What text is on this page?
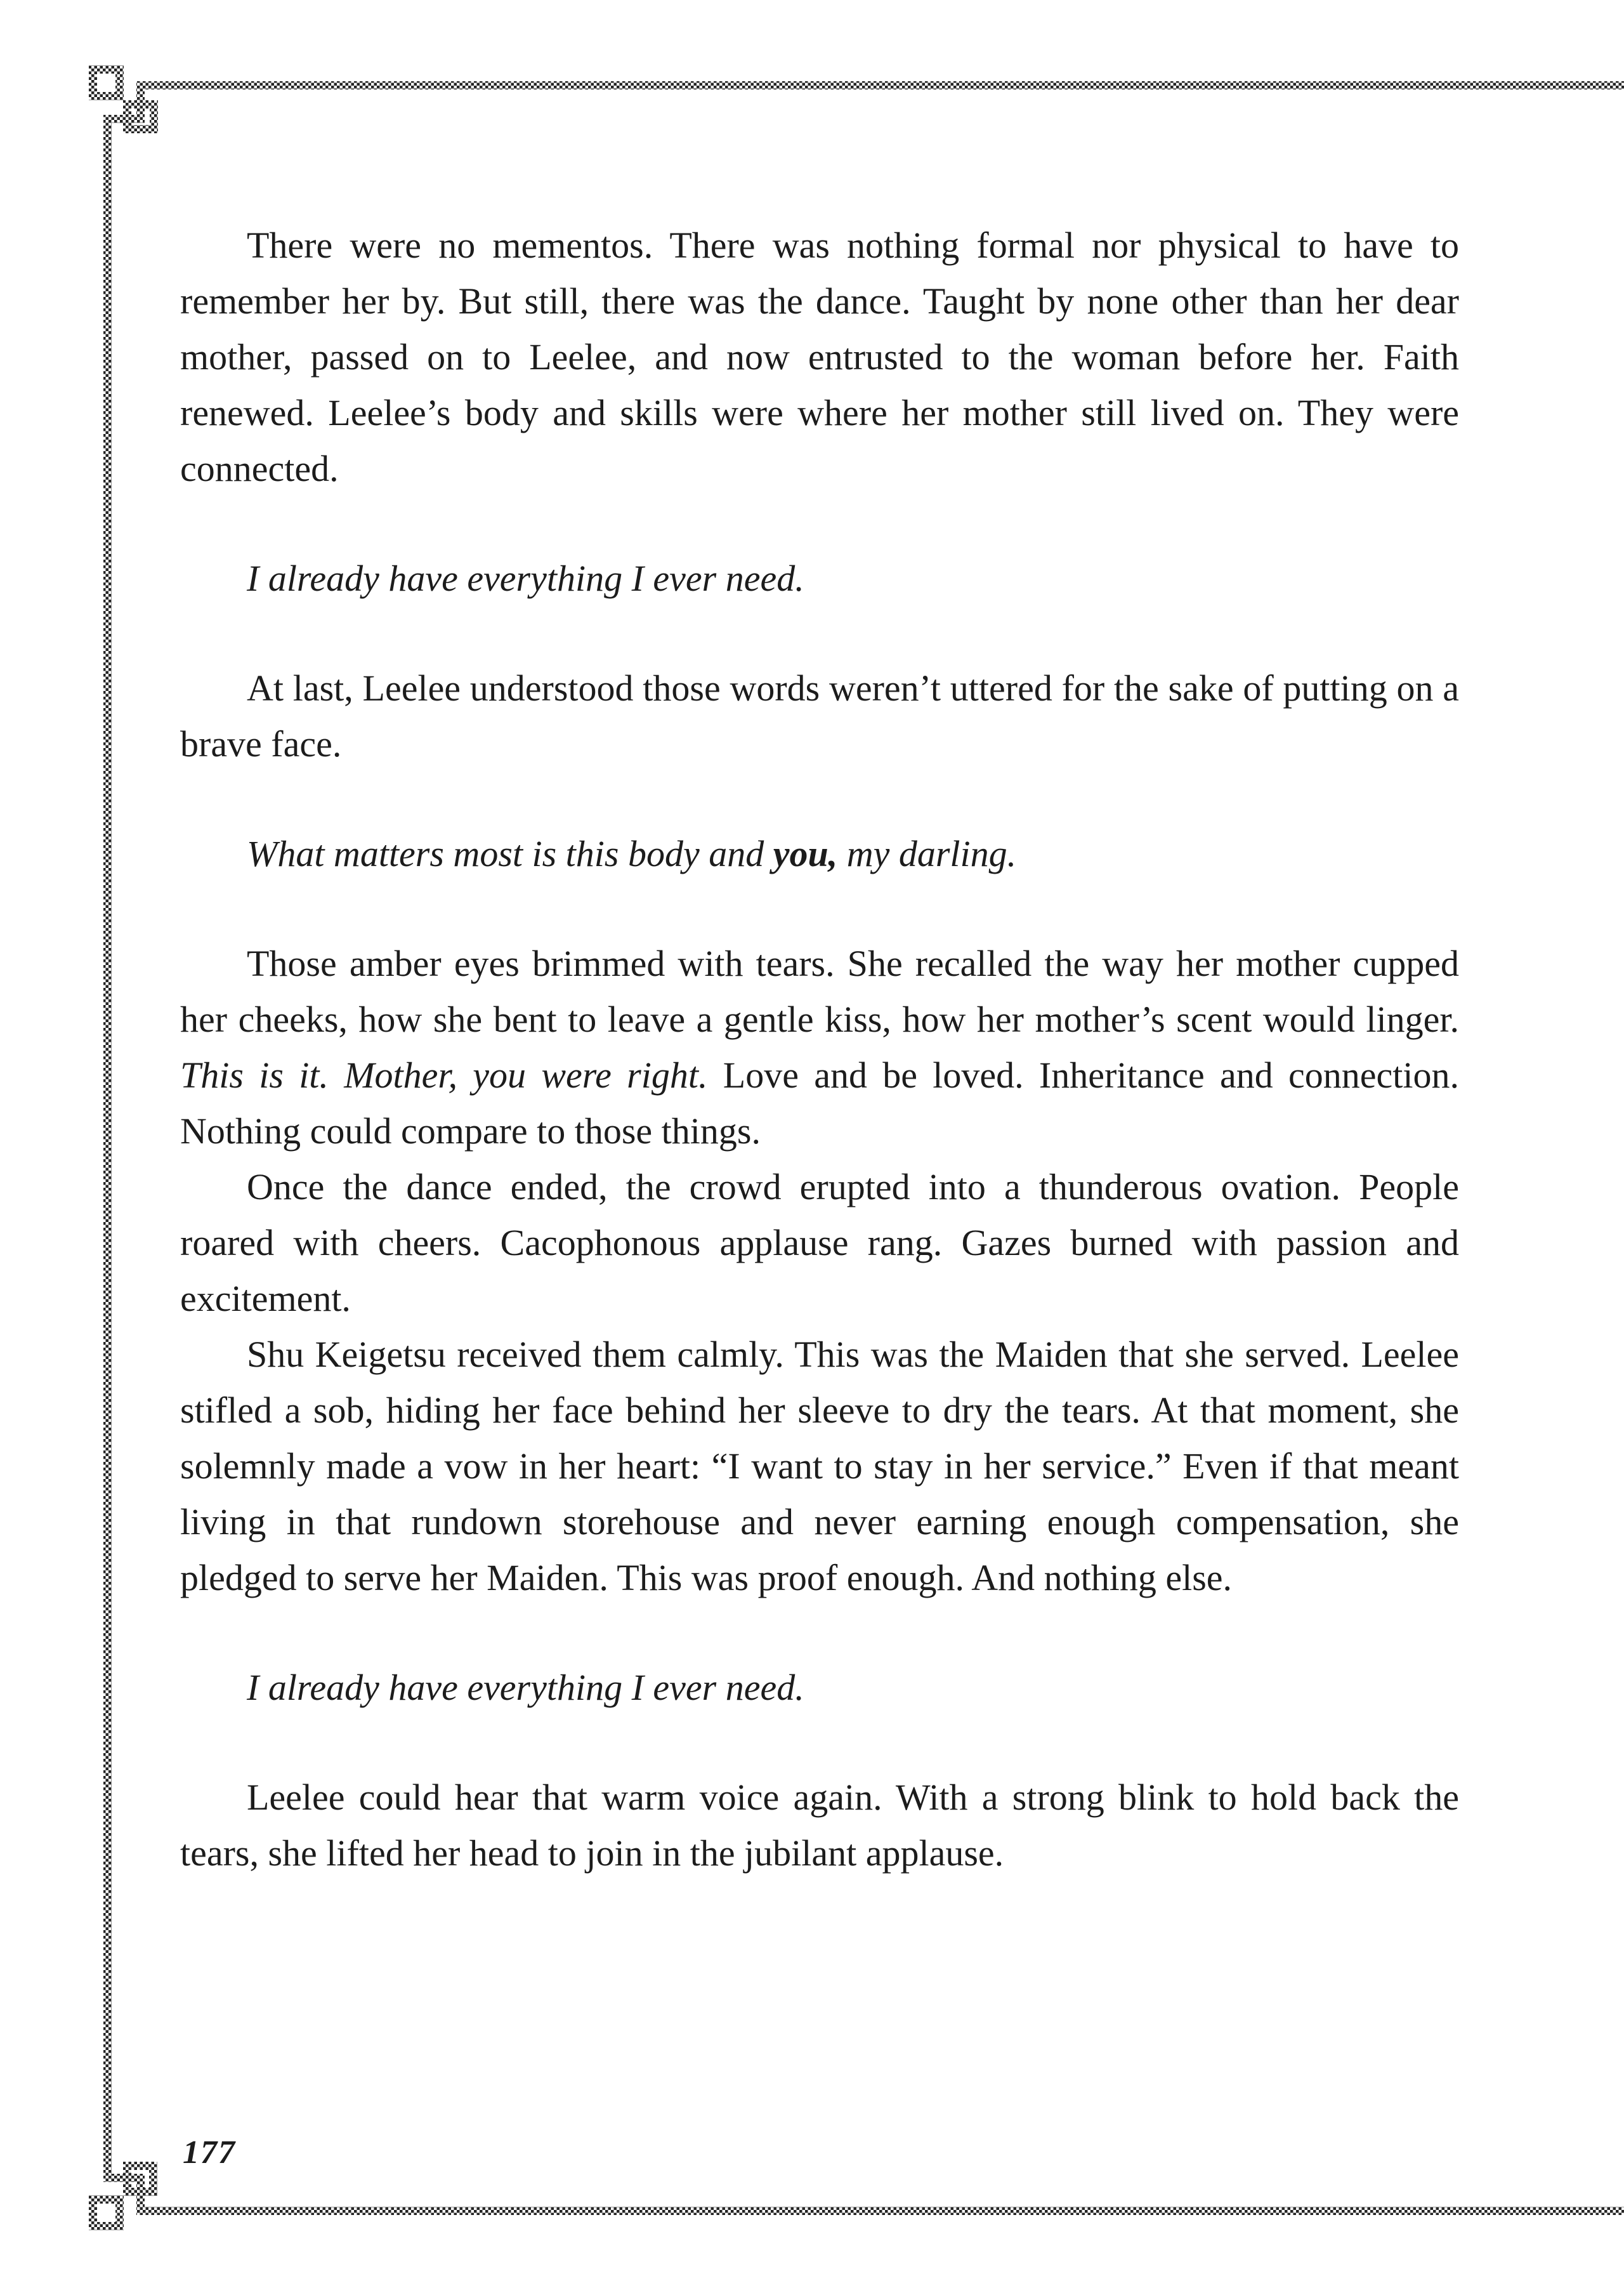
There were no mementos. There was nothing formal nor physical to have to remember her by. But still, there was the dance. Taught by none other than her dear mother, passed on to Leelee, and now entrusted to the woman before her. Faith renewed. Leelee’s body and skills were where her mother still lived on. They were connected.

I already have everything I ever need.

At last, Leelee understood those words weren’t uttered for the sake of putting on a brave face.

What matters most is this body and you, my darling.

Those amber eyes brimmed with tears. She recalled the way her mother cupped her cheeks, how she bent to leave a gentle kiss, how her mother’s scent would linger. This is it. Mother, you were right. Love and be loved. Inheritance and connection. Nothing could compare to those things.

Once the dance ended, the crowd erupted into a thunderous ovation. People roared with cheers. Cacophonous applause rang. Gazes burned with passion and excitement.

Shu Keigetsu received them calmly. This was the Maiden that she served. Leelee stifled a sob, hiding her face behind her sleeve to dry the tears. At that moment, she solemnly made a vow in her heart: “I want to stay in her service.” Even if that meant living in that rundown storehouse and never earning enough compensation, she pledged to serve her Maiden. This was proof enough. And nothing else.

I already have everything I ever need.

Leelee could hear that warm voice again. With a strong blink to hold back the tears, she lifted her head to join in the jubilant applause.

177
